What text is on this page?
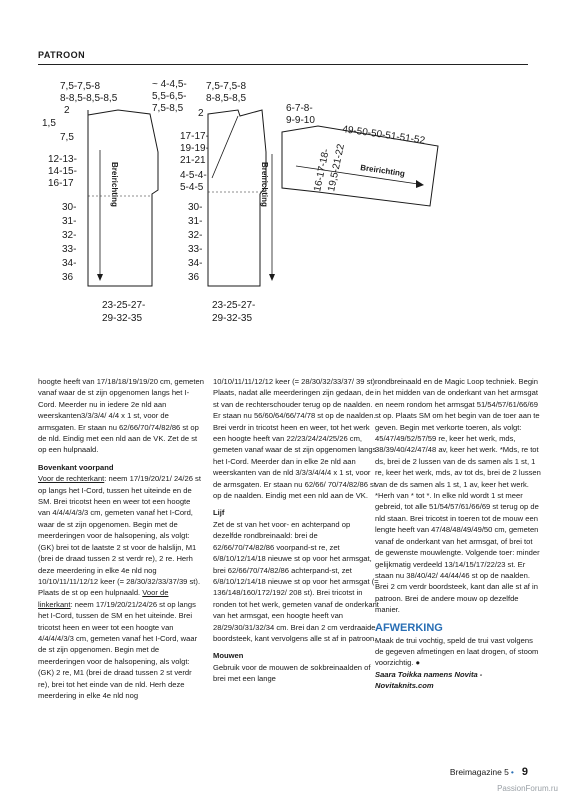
PATROON
7,5-7,5-8
8-8,5-8,5-8,5
~ 4-4,5-
5,5-6,5-
7,5-8,5
2
1,5
7,5
12-13-
14-15-
16-17
30-
31-
32-
33-
34-
36
Breirichting
23-25-27-
29-32-35
7,5-7,5-8
8-8,5-8,5
2
17-17-
19-19-
21-21
4-5-4-
5-4-5
30-
31-
32-
33-
34-
36
Breirichting
23-25-27-
29-32-35
6-7-8-
9-9-10
49-50-50-51-51-52
16-17-18-
19,5-21-22 Breirichting

hoogte heeft van 17/18/18/19/19/20 cm, gemeten vanaf waar de st zijn opgenomen langs het I-Cord. Meerder nu in iedere 2e nld aan weerskanten3/3/3/4/ 4/4 x 1 st, voor de armsgaten. Er staan nu 62/66/70/74/82/86 st op de nld. Eindig met een nld aan de VK. Zet de st op een hulpnaald.

Bovenkant voorpand

Voor de rechterkant: neem 17/19/20/21/ 24/26 st op langs het I-Cord, tussen het uiteinde en de SM. Brei tricotst heen en weer tot een hoogte van 4/4/4/4/3/3 cm, gemeten vanaf het I-Cord, waar de st zijn opgenomen. Begin met de meerderingen voor de halsopening, als volgt: (GK) brei tot de laatste 2 st voor de halslijn, M1 (brei de draad tussen 2 st verdr re), 2 re. Herh deze meerdering in elke 4e nld nog 10/10/11/11/12/12 keer (= 28/30/32/33/37/39 st). Plaats de st op een hulpnaald. Voor de linkerkant: neem 17/19/20/21/24/26 st op langs het I-Cord, tussen de SM en het uiteinde. Brei tricotst heen en weer tot een hoogte van 4/4/4/4/3/3 cm, gemeten vanaf het I-Cord, waar de st zijn opgenomen. Begin met de meerderingen voor de halsopening, als volgt: (GK) 2 re, M1 (brei de draad tussen 2 st verdr re), brei tot het einde van de nld. Herh deze meerdering in elke 4e nld nog

10/10/11/11/12/12 keer (= 28/30/32/33/37/ 39 st). Plaats, nadat alle meerderingen zijn gedaan, de st van de rechterschouder terug op de naalden. Er staan nu 56/60/64/66/74/78 st op de naalden. Brei verdr in tricotst heen en weer, tot het werk een hoogte heeft van 22/23/24/24/25/26 cm, gemeten vanaf waar de st zijn opgenomen langs het I-Cord. Meerder dan in elke 2e nld aan weerskanten van de nld 3/3/3/4/4/4 x 1 st, voor de armsgaten. Er staan nu 62/66/ 70/74/82/86 st op de naalden. Eindig met een nld aan de VK.

Lijf

Zet de st van het voor- en achterpand op dezelfde rondbreinaald: brei de 62/66/70/74/82/86 voorpand-st re, zet 6/8/10/12/14/18 nieuwe st op voor het armsgat, brei 62/66/70/74/82/86 achterpand-st, zet 6/8/10/12/14/18 nieuwe st op voor het armsgat (= 136/148/160/172/192/ 208 st). Brei tricotst in ronden tot het werk, gemeten vanaf de onderkant van het armsgat, een hoogte heeft van 28/29/30/31/32/34 cm. Brei dan 2 cm verdraaide boordsteek, kant vervolgens alle st af in patroon.

Mouwen

Gebruik voor de mouwen de sokbreinaalden of brei met een lange

rondbreinaald en de Magic Loop techniek. Begin in het midden van de onderkant van het armsgat en neem rondom het armsgat 51/54/57/61/66/69 st op. Plaats SM om het begin van de toer aan te geven. Begin met verkorte toeren, als volgt: 45/47/49/52/57/59 re, keer het werk, mds, 38/39/40/42/47/48 av, keer het werk. *Mds, re tot ds, brei de 2 lussen van de ds samen als 1 st, 1 re, keer het werk, mds, av tot ds, brei de 2 lussen van de ds samen als 1 st, 1 av, keer het werk. *Herh van * tot *. In elke nld wordt 1 st meer gebreid, tot alle 51/54/57/61/66/69 st terug op de nld staan. Brei tricotst in toeren tot de mouw een lengte heeft van 47/48/48/49/49/50 cm, gemeten vanaf de onderkant van het armsgat, of brei tot de gewenste mouwlengte. Volgende toer: minder gelijkmatig verdeeld 13/14/15/17/22/23 st. Er staan nu 38/40/42/ 44/44/46 st op de naalden. Brei 2 cm verdr boordsteek, kant dan alle st af in patroon. Brei de andere mouw op dezelfde manier.

AFWERKING

Maak de trui vochtig, speld de trui vast volgens de gegeven afmetingen en laat drogen, of stoom voorzichtig. ●

Saara Toikka namens Novita -

Novitaknits.com

Breimagazine 5 • 9
PassionForum.ru
